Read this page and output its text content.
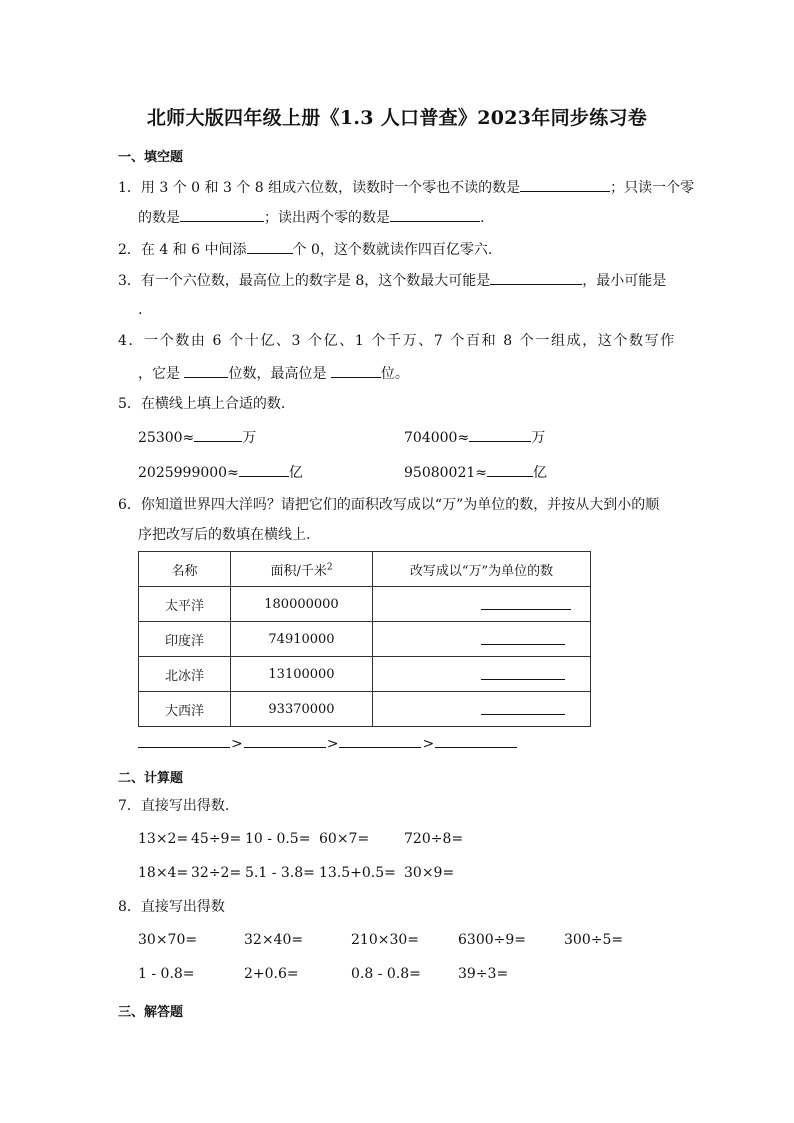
北师大版四年级上册《1.3 人口普查》2023年同步练习卷
一、填空题
1．用 3 个 0 和 3 个 8 组成六位数，读数时一个零也不读的数是	；只读一个零
的数是	；读出两个零的数是	.
2．在 4 和 6 中间添	个 0，这个数就读作四百亿零六.
3．有一个六位数，最高位上的数字是 8，这个数最大可能是	，最小可能是
.
4．一个数由 6 个十亿、3 个亿、1 个千万、7 个百和 8 个一组成，这个数写作
，它是	位数，最高位是	位。
5．在横线上填上合适的数.
25300≈	万	704000≈	万
2025999000≈	亿	95080021≈	亿
6．你知道世界四大洋吗？请把它们的面积改写成以“万”为单位的数，并按从大到小的顺
序把改写后的数填在横线上.
名称	面积/千米$^2$	改写成以“万”为单位的数
太平洋	180000000	
印度洋	74910000	
北冰洋	13100000	
大西洋	93370000	
>	>	>
二、计算题
7．直接写出得数.
13×2= 45÷9= 10 - 0.5= 60×7= 720÷8=
18×4= 32÷2= 5.1 - 3.8= 13.5+0.5= 30×9=
8．直接写出得数
30×70=	32×40=	210×30=	6300÷9=	300÷5=
1 - 0.8=	2+0.6=	0.8 - 0.8=	39÷3=
三、解答题
